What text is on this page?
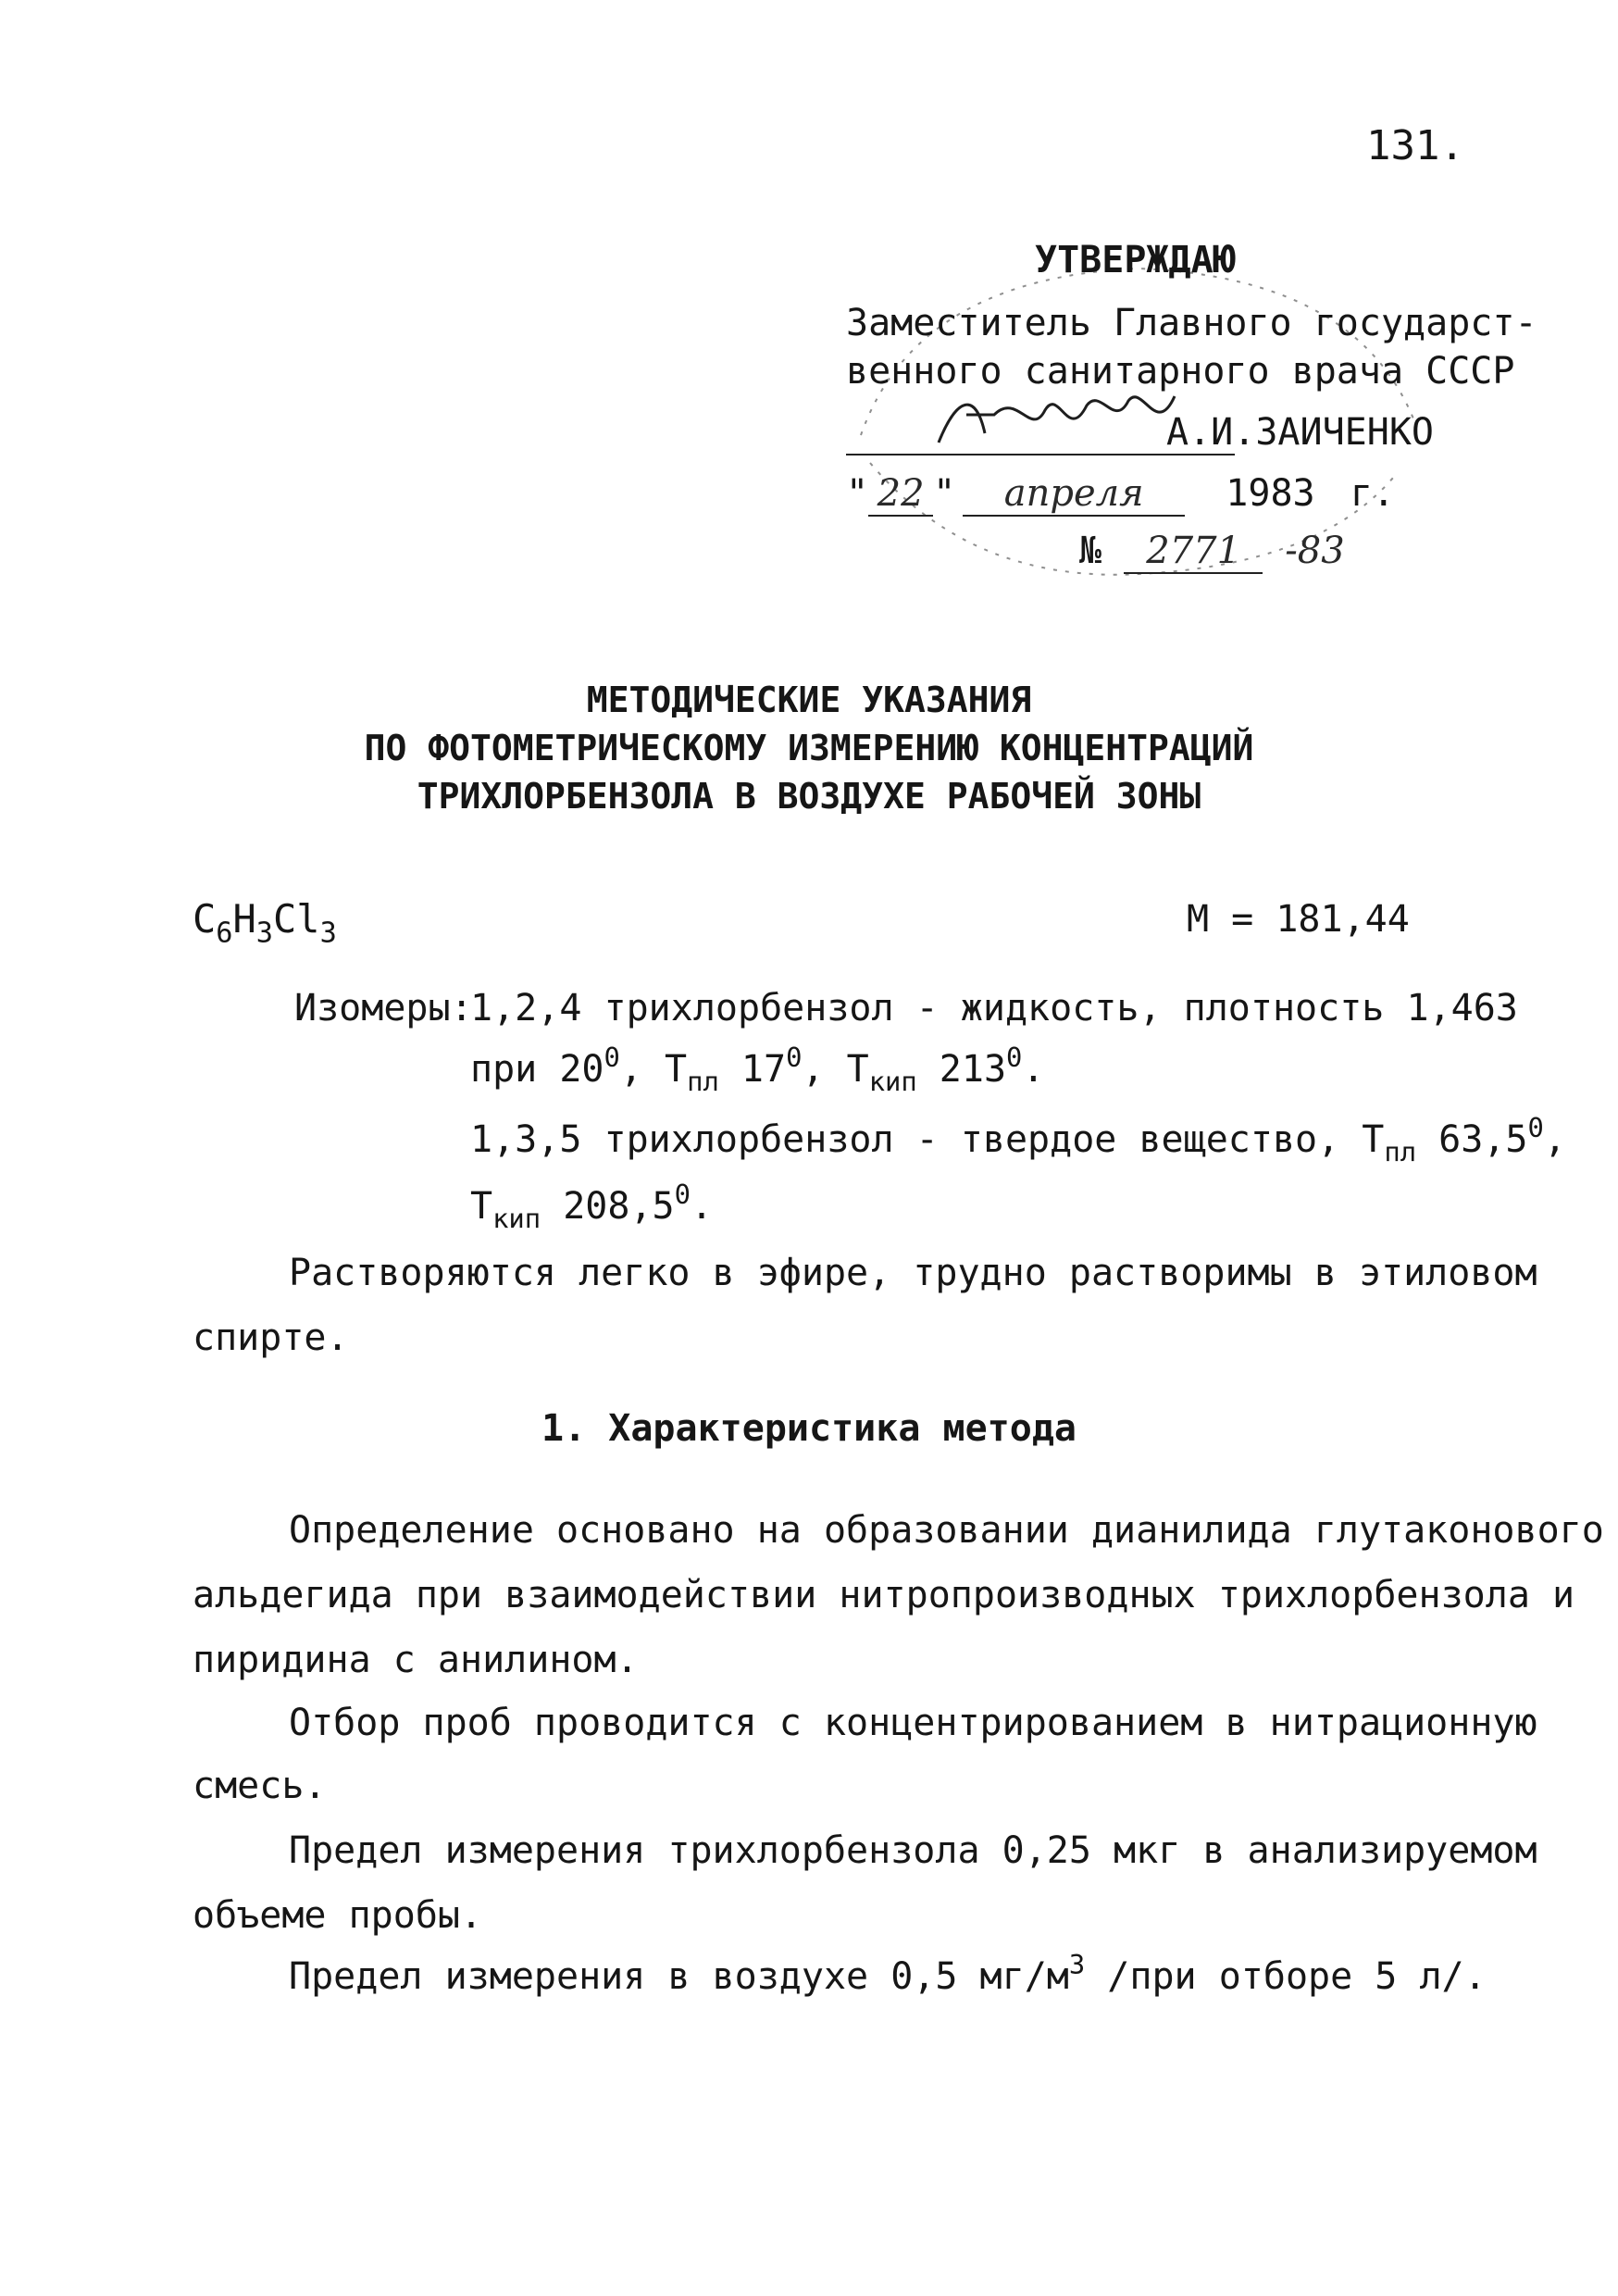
131.
УТВЕРЖДАЮ
Заместитель Главного государст-
венного санитарного врача СССР
А.И.ЗАИЧЕНКО
" 22 " апреля 1983 г.
№ 2771 -83
МЕТОДИЧЕСКИЕ УКАЗАНИЯ
ПО ФОТОМЕТРИЧЕСКОМУ ИЗМЕРЕНИЮ КОНЦЕНТРАЦИЙ
ТРИХЛОРБЕНЗОЛА В ВОЗДУХЕ РАБОЧЕЙ ЗОНЫ
$C_6H_3Cl_3$	М = 181,44
Изомеры:
1,2,4 трихлорбензол - жидкость, плотность 1,463
при $20^0$, $Т_{пл}$ $17^0$, $Т_{кип}$ $213^0$.
1,3,5 трихлорбензол - твердое вещество, $Т_{пл}$ 63,5$^0$,
$Т_{кип}$ 208,5$^0$.
Растворяются легко в эфире, трудно растворимы в этиловом
спирте.
1. Характеристика метода
Определение основано на образовании дианилида глутаконового
альдегида при взаимодействии нитропроизводных трихлорбензола и
пиридина с анилином.
Отбор проб проводится с концентрированием в нитрационную
смесь.
Предел измерения трихлорбензола 0,25 мкг в анализируемом
объеме пробы.
Предел измерения в воздухе 0,5 $мг/м^3$ /при отборе 5 л/.
